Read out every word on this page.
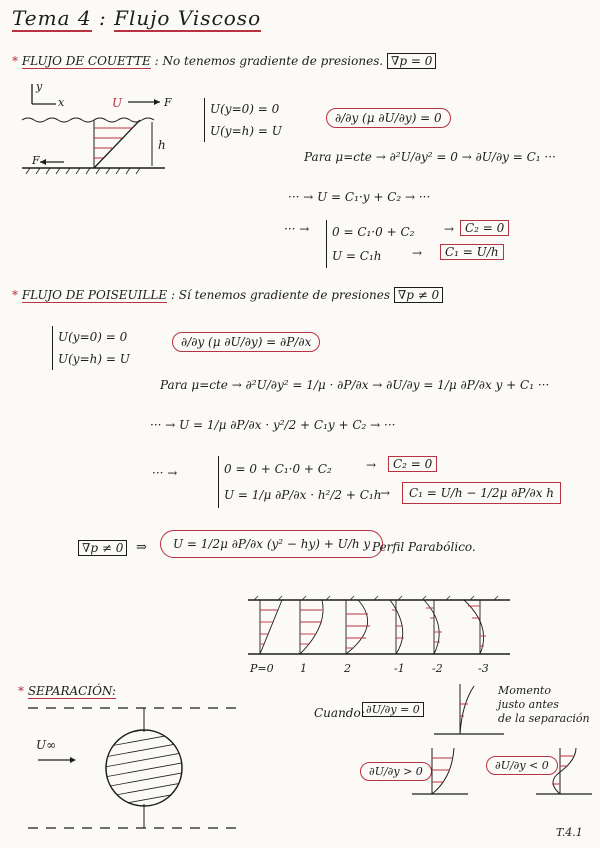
Tema 4 : Flujo Viscoso
* FLUJO DE COUETTE : No tenemos gradiente de presiones. ∇p = 0
y
x	U	F
F
h
U(y=0) = 0
U(y=h) = U
∂/∂y (μ ∂U/∂y) = 0
Para μ=cte → ∂²U/∂y² = 0 → ∂U/∂y = C₁ ···
··· → U = C₁·y + C₂ → ···
··· → 0 = C₁·0 + C₂
U = C₁h
→ C₂ = 0
→	C₁ = U/h
* FLUJO DE POISEUILLE : Sí tenemos gradiente de presiones ∇p ≠ 0
U(y=0) = 0
U(y=h) = U
∂/∂y (μ ∂U/∂y) = ∂P/∂x
Para μ=cte → ∂²U/∂y² = 1/μ · ∂P/∂x → ∂U/∂y = 1/μ ∂P/∂x y + C₁ ···
··· → U = 1/μ ∂P/∂x · y²/2 + C₁y + C₂ → ···
··· →	0 = 0 + C₁·0 + C₂
U = 1/μ ∂P/∂x · h²/2 + C₁h
→	C₂ = 0
→	C₁ = U/h − 1/2μ ∂P/∂x h
∇p ≠ 0 ⇒	U = 1/2μ ∂P/∂x (y² − hy) + U/h y Perfil Parabólico.
P=0 1	2	-1 -2	-3
* SEPARACIÓN:
U∞
Cuando: ∂U/∂y = 0
Momento
justo antes
de la separación
∂U/∂y > 0	∂U/∂y < 0
T.4.1
